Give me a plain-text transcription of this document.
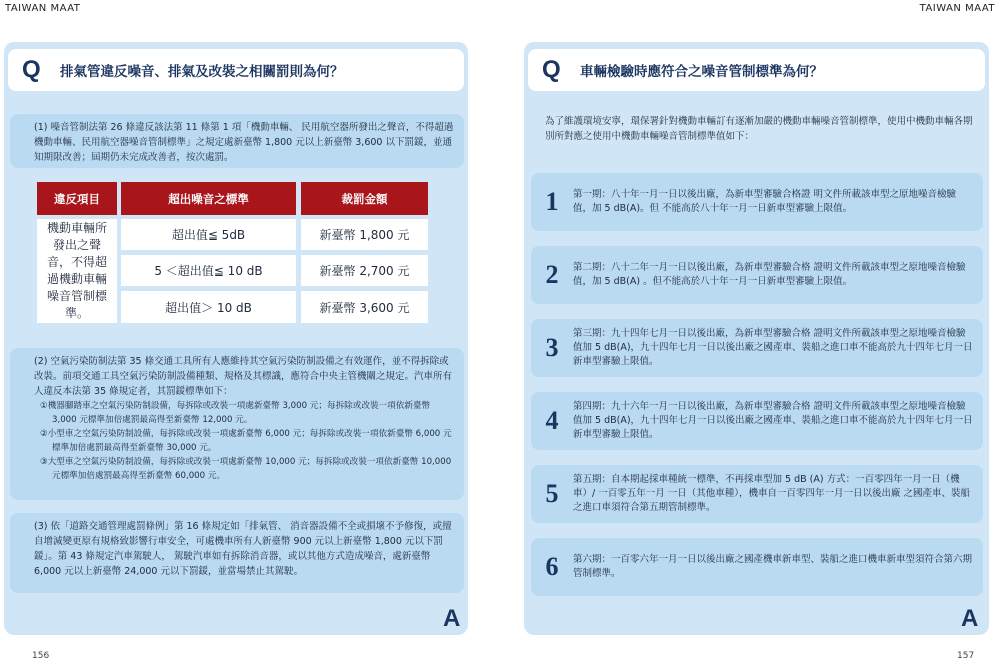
TAIWAN MAAT	TAIWAN MAAT
Q	排氣管違反噪音、排氣及改裝之相關罰則為何？
(1) 噪音管制法第 26 條違反該法第 11 條第 1 項「機動車輛、 民用航空器所發出之聲音，不得超過機動車輛、民用航空器噪音管制標準」之規定處新臺幣 1,800 元以上新臺幣 3,600 以下罰鍰，並通知期限改善；屆期仍未完成改善者，按次處罰。
(2) 空氣污染防制法第 35 條交通工具所有人應維持其空氣污染防制設備之有效運作，並不得拆除或改裝。前項交通工具空氣污染防制設備種類、規格及其標識，應符合中央主管機關之規定。汽車所有人違反本法第 35 條規定者，其罰鍰標準如下：
①機器腳踏車之空氣污染防制設備，每拆除或改裝一項處新臺幣 3,000 元；每拆除或改裝一項依新臺幣 3,000 元標準加倍處罰最高得至新臺幣 12,000 元。
②小型車之空氣污染防制設備，每拆除或改裝一項處新臺幣 6,000 元；每拆除或改裝一項依新臺幣 6,000 元標準加倍處罰最高得至新臺幣 30,000 元。
③大型車之空氣污染防制設備，每拆除或改裝一項處新臺幣 10,000 元；每拆除或改裝一項依新臺幣 10,000 元標準加倍處罰最高得至新臺幣 60,000 元。
(3) 依「道路交通管理處罰條例」第 16 條規定如「排氣管、 消音器設備不全或損壞不予修復，或擅自增減變更原有規格致影響行車安全，可處機車所有人新臺幣 900 元以上新臺幣 1,800 元以下罰鍰」。第 43 條規定汽車駕駛人， 駕駛汽車如有拆除消音器，或以其他方式造成噪音，處新臺幣 6,000 元以上新臺幣 24,000 元以下罰鍰，並當場禁止其駕駛。
A
違反項目	超出噪音之標準	裁罰金額
機動車輛所發出之聲音，不得超過機動車輛噪音管制標準。
超出值≦ 5dB	新臺幣 1,800 元
5 ＜超出值≦ 10 dB	新臺幣 2,700 元
超出值＞ 10 dB	新臺幣 3,600 元
Q	車輛檢驗時應符合之噪音管制標準為何？
A
為了維護環境安寧，環保署針對機動車輛訂有逐漸加嚴的機動車輛噪音管制標準，使用中機動車輛各期別所對應之使用中機動車輛噪音管制標準值如下：
1	第一期：八十年一月一日以後出廠，為新車型審驗合格證 明文件所載該車型之原地噪音檢驗值，加 5 dB(A)。但 不能高於八十年一月一日新車型審驗上限值。
2	第二期：八十二年一月一日以後出廠，為新車型審驗合格 證明文件所載該車型之原地噪音檢驗值，加 5 dB(A) 。但不能高於八十年一月一日新車型審驗上限值。
3	第三期：九十四年七月一日以後出廠，為新車型審驗合格 證明文件所載該車型之原地噪音檢驗值加 5 dB(A)，九十四年七月一日以後出廠之國產車、裝船之進口車不能高於九十四年七月一日新車型審驗上限值。
4	第四期：九十六年一月一日以後出廠，為新車型審驗合格 證明文件所載該車型之原地噪音檢驗值加 5 dB(A)，九十四年七月一日以後出廠之國產車、裝船之進口車不能高於九十四年七月一日新車型審驗上限值。
5	第五期：自本期起採車種統一標準，不再採車型加 5 dB (A) 方式：一百零四年一月一日（機車）/ 一百零五年一月 一日（其他車種），機車自一百零四年一月一日以後出廠 之國產車、裝船之進口車須符合第五期管制標準。
6	第六期：一百零六年一月一日以後出廠之國產機車新車型、裝船之進口機車新車型須符合第六期管制標準。
156	157
